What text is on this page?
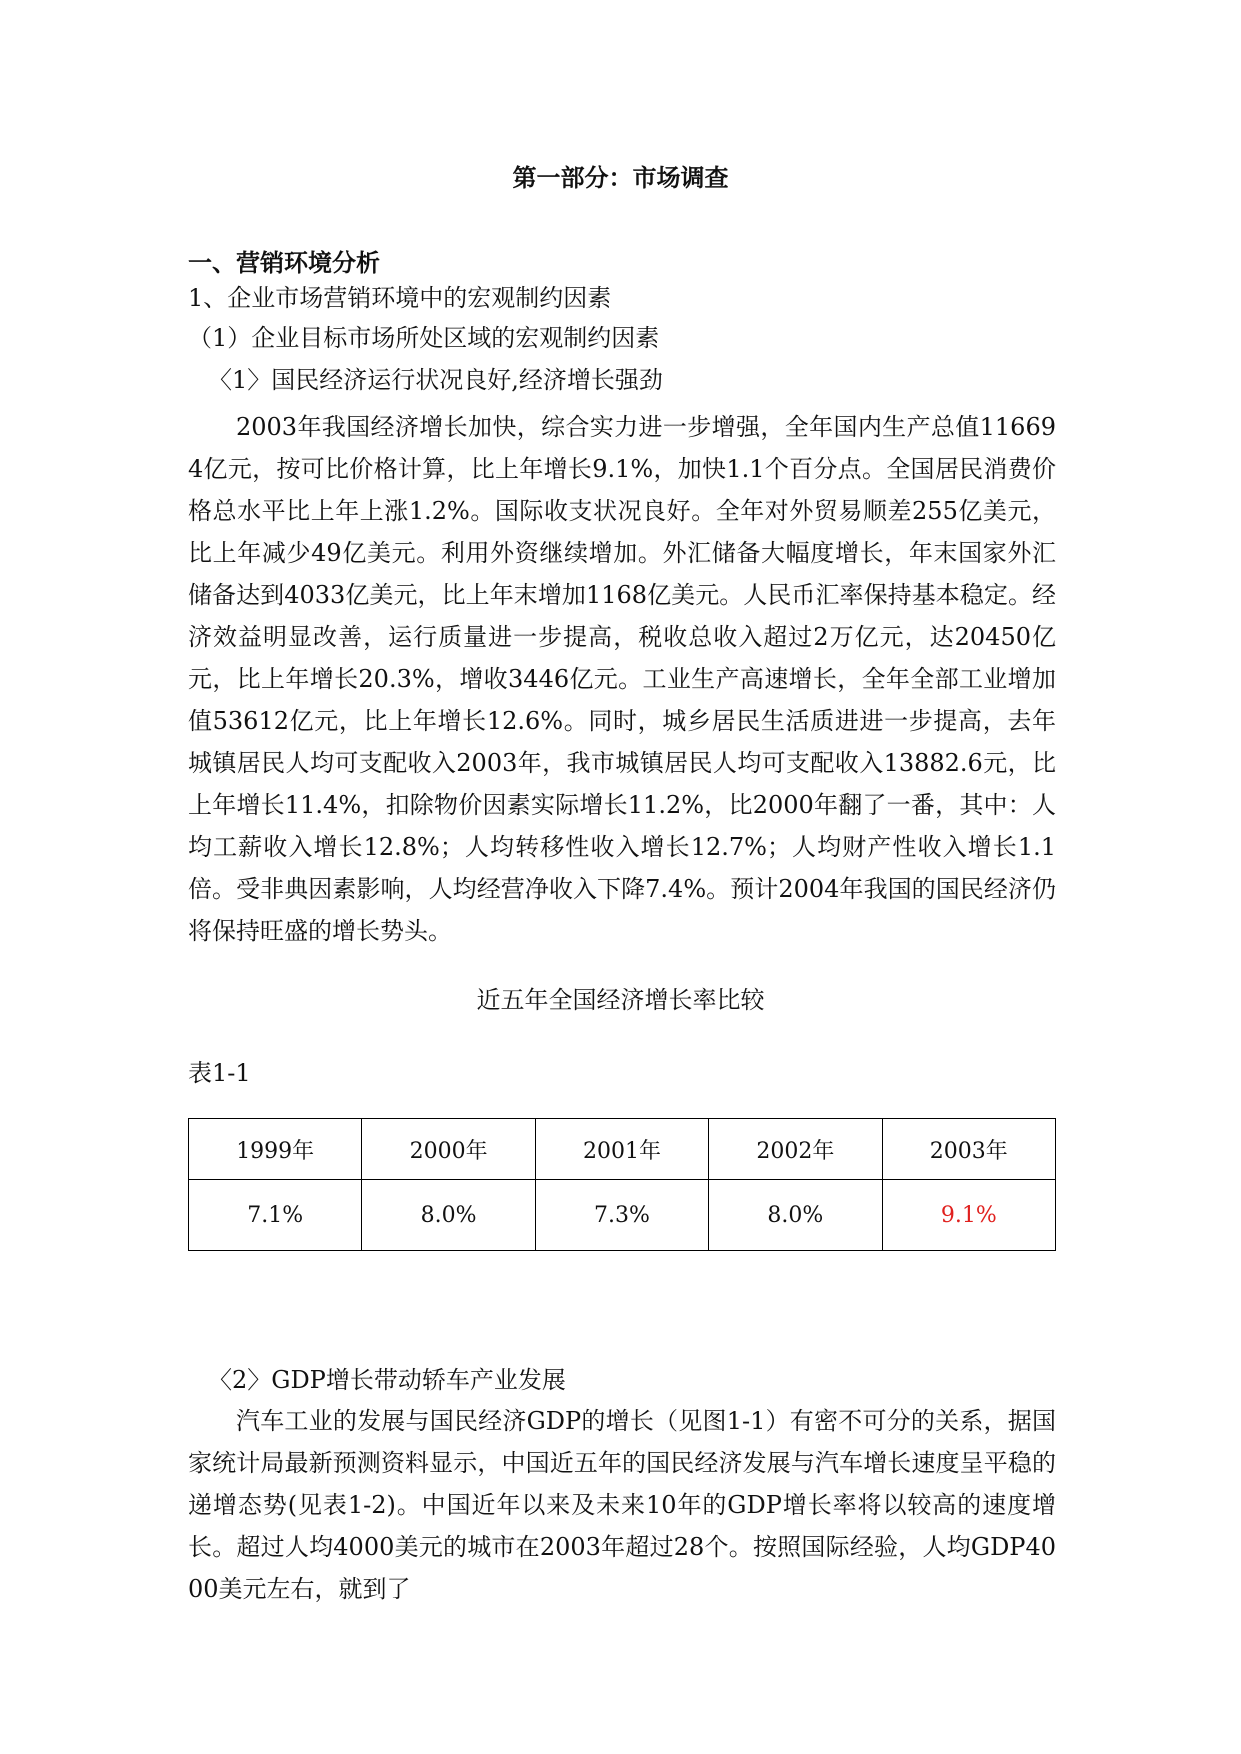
第一部分：市场调查
一、营销环境分析
1、企业市场营销环境中的宏观制约因素
（1）企业目标市场所处区域的宏观制约因素
〈1〉国民经济运行状况良好,经济增长强劲
2003年我国经济增长加快，综合实力进一步增强，全年国内生产总值116694亿元，按可比价格计算，比上年增长9.1%，加快1.1个百分点。全国居民消费价格总水平比上年上涨1.2%。国际收支状况良好。全年对外贸易顺差255亿美元，比上年减少49亿美元。利用外资继续增加。外汇储备大幅度增长，年末国家外汇储备达到4033亿美元，比上年末增加1168亿美元。人民币汇率保持基本稳定。经济效益明显改善，运行质量进一步提高，税收总收入超过2万亿元，达20450亿元，比上年增长20.3%，增收3446亿元。工业生产高速增长，全年全部工业增加值53612亿元，比上年增长12.6%。同时，城乡居民生活质进进一步提高，去年城镇居民人均可支配收入2003年，我市城镇居民人均可支配收入13882.6元，比上年增长11.4%，扣除物价因素实际增长11.2%，比2000年翻了一番，其中：人均工薪收入增长12.8%；人均转移性收入增长12.7%；人均财产性收入增长1.1倍。受非典因素影响，人均经营净收入下降7.4%。预计2004年我国的国民经济仍将保持旺盛的增长势头。
近五年全国经济增长率比较
表1-1
1999年	2000年	2001年	2002年	2003年
7.1%	8.0%	7.3%	8.0%	9.1%
〈2〉GDP增长带动轿车产业发展
汽车工业的发展与国民经济GDP的增长（见图1-1）有密不可分的关系，据国家统计局最新预测资料显示，中国近五年的国民经济发展与汽车增长速度呈平稳的递增态势(见表1-2)。中国近年以来及未来10年的GDP增长率将以较高的速度增长。超过人均4000美元的城市在2003年超过28个。按照国际经验，人均GDP4000美元左右，就到了
